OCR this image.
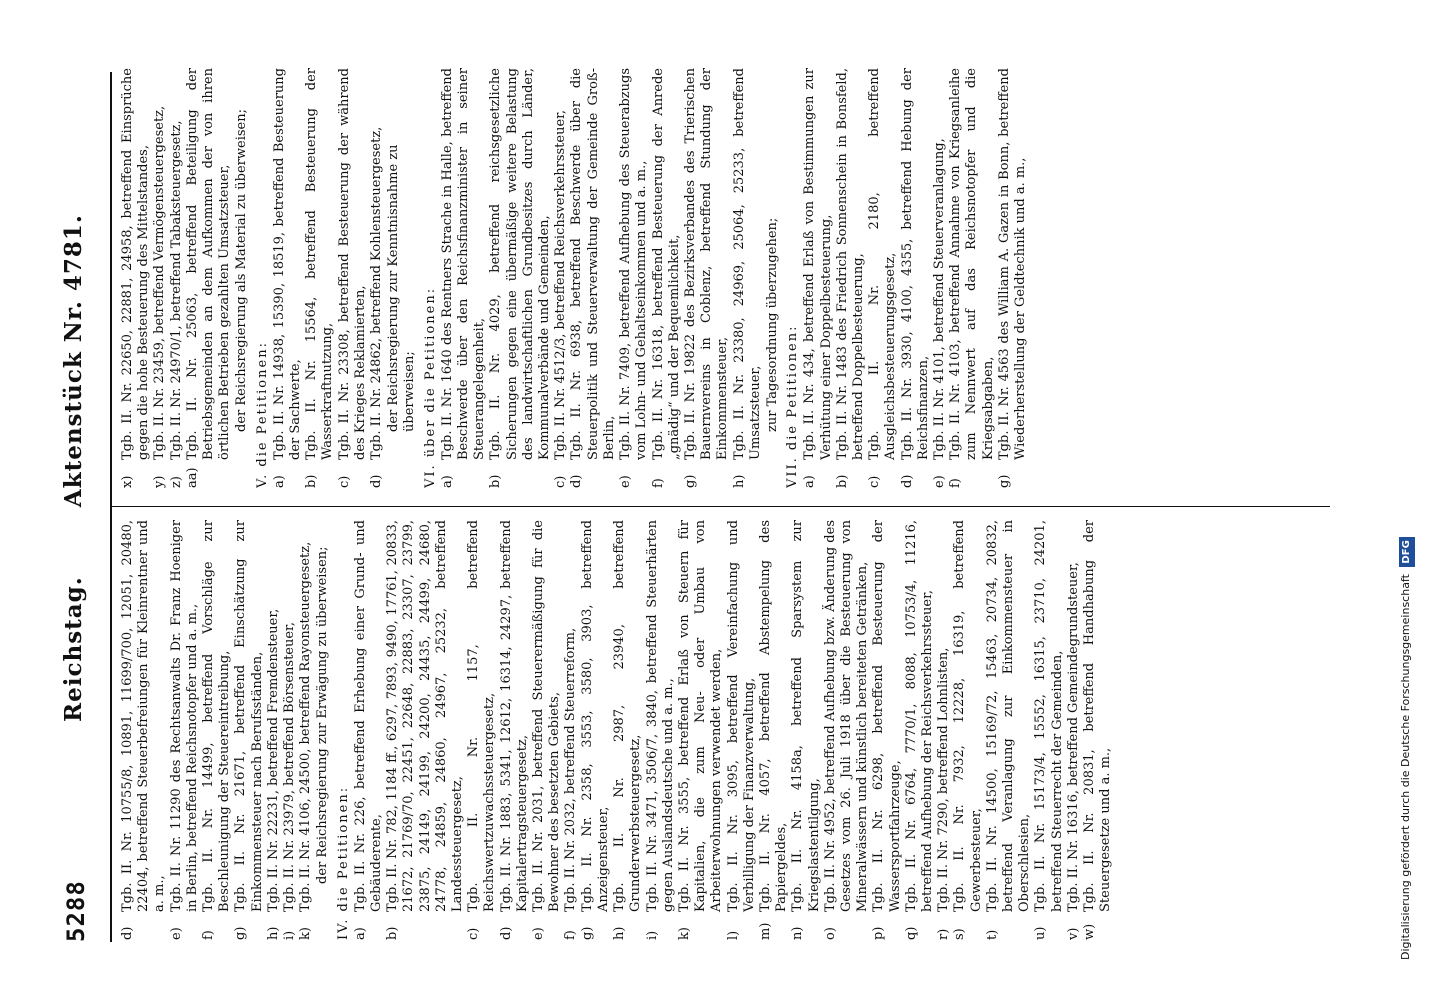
5288
Reichstag. Aktenstück Nr. 4781.

d)
Tgb. II. Nr. 10755/8, 10891, 11699/700, 12051, 20480, 22404, betreffend Steuerbefreiungen für Kleinrentner und a. m.,

e)
Tgb. II. Nr. 11290 des Rechtsanwalts Dr. Franz Hoeniger in Berlin, betreffend Reichsnotopfer und a. m.,

f)
Tgb. II. Nr. 14499, betreffend Vorschläge zur Beschleunigung der Steuereintreibung,

g)
Tgb. II. Nr. 21671, betreffend Einschätzung zur Einkommensteuer nach Berufsständen,

h)
Tgb. II. Nr. 22231, betreffend Fremdensteuer,

i)
Tgb. II. Nr. 23979, betreffend Börsensteuer,

k)
Tgb. II. Nr. 4106, 24500, betreffend Rayonsteuergesetz, der Reichsregierung zur Erwägung zu überweisen; IV. die Petitionen: a)
Tgb. II. Nr. 226, betreffend Erhebung einer Grund- und Gebäuderente,

b)
Tgb. II. Nr. 782, 1184 ff., 6297, 7893, 9490, 17761, 20833, 21672, 21769/70, 22451, 22648, 22883, 23307, 23799, 23875, 24149, 24199, 24200, 24435, 24499, 24680, 24778, 24859, 24860, 24967, 25232, betreffend Landessteuergesetz,

c)
Tgb. II. Nr. 1157, betreffend Reichswertzuwachssteuergesetz,

d)
Tgb. II. Nr. 1883, 5341, 12612, 16314, 24297, betreffend Kapitalertragsteuergesetz,

e)
Tgb. II. Nr. 2031, betreffend Steuerermäßigung für die Bewohner des besetzten Gebiets,

f)
Tgb. II. Nr. 2032, betreffend Steuerreform,

g)
Tgb. II. Nr. 2358, 3553, 3580, 3903, betreffend Anzeigensteuer,

h)
Tgb. II. Nr. 2987, 23940, betreffend Grunderwerbsteuergesetz,

i)
Tgb. II. Nr. 3471, 3506/7, 3840, betreffend Steuerhärten gegen Auslandsdeutsche und a. m.,

k)
Tgb. II. Nr. 3555, betreffend Erlaß von Steuern für Kapitalien, die zum Neu- oder Umbau von Arbeiterwohnungen verwendet werden,

l)
Tgb. II. Nr. 3095, betreffend Vereinfachung und Verbilligung der Finanzverwaltung,

m)
Tgb. II. Nr. 4057, betreffend Abstempelung des Papiergeldes,

n)
Tgb. II. Nr. 4158a, betreffend Sparsystem zur Kriegslastentilgung,

o)
Tgb. II. Nr. 4952, betreffend Aufhebung bzw. Änderung des Gesetzes vom 26. Juli 1918 über die Besteuerung von Mineralwässern und künstlich bereiteten Getränken,

p)
Tgb. II. Nr. 6298, betreffend Besteuerung der Wassersportfahrzeuge,

q)
Tgb. II. Nr. 6764, 7770/1, 8088, 10753/4, 11216, betreffend Aufhebung der Reichsverkehrssteuer,

r)
Tgb. II. Nr. 7290, betreffend Lohnlisten,

s)
Tgb. II. Nr. 7932, 12228, 16319, betreffend Gewerbesteuer,

t)
Tgb. II. Nr. 14500, 15169/72, 15463, 20734, 20832, betreffend Veranlagung zur Einkommensteuer in Oberschlesien,

u)
Tgb. II. Nr. 15173/4, 15552, 16315, 23710, 24201, betreffend Steuerrecht der Gemeinden,

v)
Tgb. II. Nr. 16316, betreffend Gemeindegrundsteuer,

w)
Tgb. II. Nr. 20831, betreffend Handhabung der Steuergesetze und a. m.,

x)
Tgb. II. Nr. 22650, 22881, 24958, betreffend Einsprüche gegen die hohe Besteuerung des Mittelstandes,

y)
Tgb. II. Nr. 23459, betreffend Vermögensteuergesetz,

z)
Tgb. II. Nr. 24970/1, betreffend Tabaksteuergesetz,

aa)
Tgb. II. Nr. 25063, betreffend Beteiligung der Betriebsgemeinden an dem Aufkommen der von ihren örtlichen Betrieben gezahlten Umsatzsteuer, der Reichsregierung als Material zu überweisen; V. die Petitionen: a)
Tgb. II. Nr. 14938, 15390, 18519, betreffend Besteuerung der Sachwerte,

b)
Tgb. II. Nr. 15564, betreffend Besteuerung der Wasserkraftnutzung,

c)
Tgb. II. Nr. 23308, betreffend Besteuerung der während des Krieges Reklamierten,

d)
Tgb. II. Nr. 24862, betreffend Kohlensteuergesetz, der Reichsregierung zur Kenntnisnahme zu überweisen; VI. über die Petitionen: a)
Tgb. II. Nr. 1640 des Rentners Strache in Halle, betreffend Beschwerde über den Reichsfinanzminister in seiner Steuerangelegenheit,

b)
Tgb. II. Nr. 4029, betreffend reichsgesetzliche Sicherungen gegen eine übermäßige weitere Belastung des landwirtschaftlichen Grundbesitzes durch Länder, Kommunalverbände und Gemeinden,

c)
Tgb. II. Nr. 4512/3, betreffend Reichsverkehrssteuer,

d)
Tgb. II. Nr. 6938, betreffend Beschwerde über die Steuerpolitik und Steuerverwaltung der Gemeinde Groß-Berlin,

e)
Tgb. II. Nr. 7409, betreffend Aufhebung des Steuerabzugs vom Lohn- und Gehaltseinkommen und a. m.,

f)
Tgb. II. Nr. 16318, betreffend Besteuerung der Anrede „gnädig“ und der Bequemlichkeit,

g)
Tgb. II. Nr. 19822 des Bezirksverbandes des Trierischen Bauernvereins in Coblenz, betreffend Stundung der Einkommensteuer,

h)
Tgb. II. Nr. 23380, 24969, 25064, 25233, betreffend Umsatzsteuer, zur Tagesordnung überzugehen; VII. die Petitionen: a)
Tgb. II. Nr. 434, betreffend Erlaß von Bestimmungen zur Verhütung einer Doppelbesteuerung,

b)
Tgb. II. Nr. 1483 des Friedrich Sonnenschein in Bonsfeld, betreffend Doppelbesteuerung,

c)
Tgb. II. Nr. 2180, betreffend Ausgleichsbesteuerungsgesetz,

d)
Tgb. II. Nr. 3930, 4100, 4355, betreffend Hebung der Reichsfinanzen,

e)
Tgb. II. Nr. 4101, betreffend Steuerveranlagung,

f)
Tgb. II. Nr. 4103, betreffend Annahme von Kriegsanleihe zum Nennwert auf das Reichsnotopfer und die Kriegsabgaben,

g)
Tgb. II. Nr. 4563 des William A. Gazen in Bonn, betreffend Wiederherstellung der Geldtechnik und a. m.,

Digitalisierung gefördert durch die Deutsche Forschungsgemeinschaft DFG
